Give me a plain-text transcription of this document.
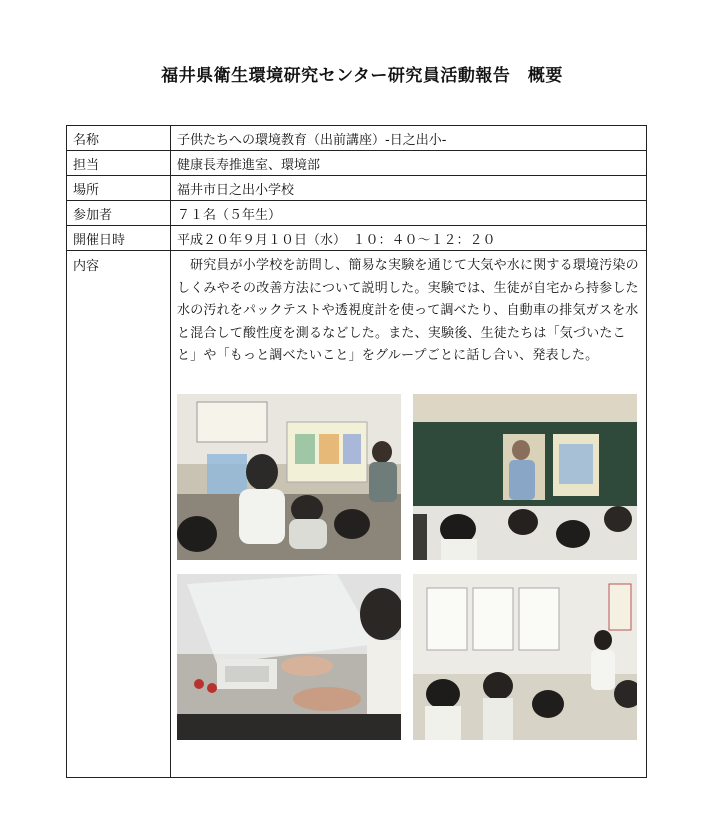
福井県衛生環境研究センター研究員活動報告　概要
名称	子供たちへの環境教育（出前講座）-日之出小-
担当	健康長寿推進室、環境部
場所	福井市日之出小学校
参加者	７１名（５年生）
開催日時	平成２０年９月１０日（水）　１０：４０～１２：２０
内容	研究員が小学校を訪問し、簡易な実験を通じて大気や水に関する環境汚染のしくみやその改善方法について説明した。実験では、生徒が自宅から持参した水の汚れをパックテストや透視度計を使って調べたり、自動車の排気ガスを水と混合して酸性度を測るなどした。また、実験後、生徒たちは「気づいたこと」や「もっと調べたいこと」をグループごとに話し合い、発表した。
